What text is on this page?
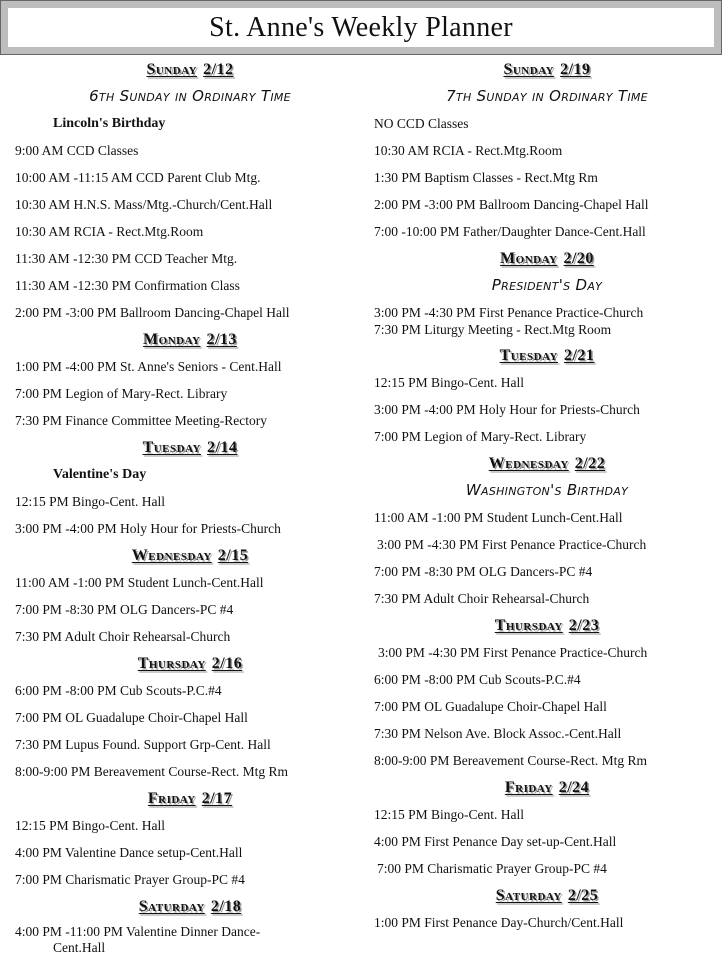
St. Anne's Weekly Planner
Sunday 2/12
6th Sunday in Ordinary Time
Lincoln's Birthday
9:00 AM CCD Classes
10:00 AM -11:15 AM CCD Parent Club Mtg.
10:30 AM H.N.S. Mass/Mtg.-Church/Cent.Hall
10:30 AM RCIA - Rect.Mtg.Room
11:30 AM -12:30 PM CCD Teacher Mtg.
11:30 AM -12:30 PM Confirmation Class
2:00 PM -3:00 PM Ballroom Dancing-Chapel Hall
Monday 2/13
1:00 PM -4:00 PM St. Anne's Seniors - Cent.Hall
7:00 PM Legion of Mary-Rect. Library
7:30 PM Finance Committee Meeting-Rectory
Tuesday 2/14
Valentine's Day
12:15 PM Bingo-Cent. Hall
3:00 PM -4:00 PM Holy Hour for Priests-Church
Wednesday 2/15
11:00 AM -1:00 PM Student Lunch-Cent.Hall
7:00 PM -8:30 PM OLG Dancers-PC #4
7:30 PM Adult Choir Rehearsal-Church
Thursday 2/16
6:00 PM -8:00 PM Cub Scouts-P.C.#4
7:00 PM OL Guadalupe Choir-Chapel Hall
7:30 PM Lupus Found. Support Grp-Cent. Hall
8:00-9:00 PM Bereavement Course-Rect. Mtg Rm
Friday 2/17
12:15 PM Bingo-Cent. Hall
4:00 PM Valentine Dance setup-Cent.Hall
7:00 PM Charismatic Prayer Group-PC #4
Saturday 2/18
4:00 PM -11:00 PM Valentine Dinner Dance-
Cent.Hall
Sunday 2/19
7th Sunday in Ordinary Time
NO CCD Classes
10:30 AM RCIA - Rect.Mtg.Room
1:30 PM Baptism Classes - Rect.Mtg Rm
2:00 PM -3:00 PM Ballroom Dancing-Chapel Hall
7:00 -10:00 PM Father/Daughter Dance-Cent.Hall
Monday 2/20
President's Day
3:00 PM -4:30 PM First Penance Practice-Church
7:30 PM Liturgy Meeting - Rect.Mtg Room
Tuesday 2/21
12:15 PM Bingo-Cent. Hall
3:00 PM -4:00 PM Holy Hour for Priests-Church
7:00 PM Legion of Mary-Rect. Library
Wednesday 2/22
Washington's Birthday
11:00 AM -1:00 PM Student Lunch-Cent.Hall
3:00 PM -4:30 PM First Penance Practice-Church
7:00 PM -8:30 PM OLG Dancers-PC #4
7:30 PM Adult Choir Rehearsal-Church
Thursday 2/23
3:00 PM -4:30 PM First Penance Practice-Church
6:00 PM -8:00 PM Cub Scouts-P.C.#4
7:00 PM OL Guadalupe Choir-Chapel Hall
7:30 PM Nelson Ave. Block Assoc.-Cent.Hall
8:00-9:00 PM Bereavement Course-Rect. Mtg Rm
Friday 2/24
12:15 PM Bingo-Cent. Hall
4:00 PM First Penance Day set-up-Cent.Hall
7:00 PM Charismatic Prayer Group-PC #4
Saturday 2/25
1:00 PM First Penance Day-Church/Cent.Hall
